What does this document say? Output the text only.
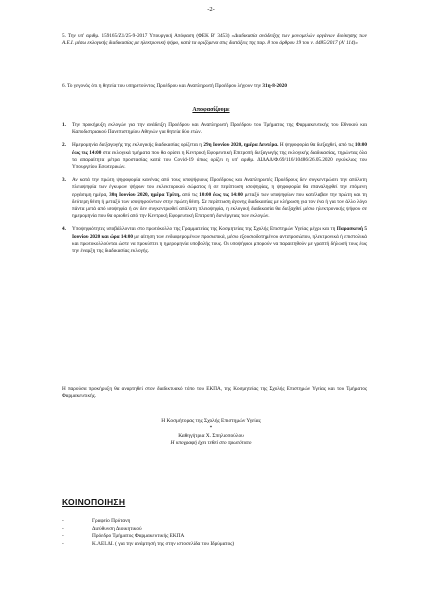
-2-
5. Την υπ' αριθμ. 159165/Ζ1/25-9-2017 Υπουργική Απόφαση (ΦΕΚ Β' 3453) «Διαδικασία ανάδειξης των μονομελών οργάνων διοίκησης των Α.Ε.Ι. μέσω εκλογικής διαδικασίας με ηλεκτρονική ψήφο, κατά τα οριζόμενα στις διατάξεις της παρ. 8 του άρθρου 19 του ν. 4485/2017 (Α' 114)»
6. Το γεγονός ότι η θητεία του υπηρετούντος Προέδρου και Αναπληρωτή Προέδρου λήγουν την 31η-8-2020
Αποφασίζουμε
1. Την προκήρυξη εκλογών για την ανάδειξη Προέδρου και Αναπληρωτή Προέδρου του Τμήματος της Φαρμακευτικής του Εθνικού και Καποδιστριακού Πανεπιστημίου Αθηνών για θητεία δύο ετών.
2. Ημερομηνία διεξαγωγής της εκλογικής διαδικασίας ορίζεται η 29η Ιουνίου 2020, ημέρα Δευτέρα. Η ψηφοφορία θα διεξαχθεί, από τις 10:00 έως τις 14:00 στα εκλογικά τμήματα που θα ορίσει η Κεντρική Εφορευτική Επιτροπή διεξαγωγής της εκλογικής διαδικασίας, τηρώντας όλα τα απαραίτητα μέτρα προστασίας κατά του Covid-19 όπως ορίζει η υπ' αριθμ. ΔΙΔΑΔ/Φ.69/116/10486/26.05.2020 εγκύκλιος του Υπουργείου Εσωτερικών.
3. Αν κατά την πρώτη ψηφοφορία κανένας από τους υποψήφιους Προέδρους και Αναπληρωτές Προέδρους δεν συγκεντρώσει την απόλυτη πλειοψηφία των έγκυρων ψήφων του εκλεκτορικού σώματος ή σε περίπτωση ισοψηφίας, η ψηφοφορία θα επαναληφθεί την επόμενη εργάσιμη ημέρα, 30η Ιουνίου 2020, ημέρα Τρίτη, από τις 10:00 έως τις 14:00 μεταξύ των υποψηφίων που κατέλαβαν την πρώτη και τη δεύτερη θέση ή μεταξύ των ισοψηφούντων στην πρώτη θέση. Σε περίπτωση άγονης διαδικασίας με κλήρωση για τον ένα ή για τον άλλο λόγο πάντα μετά από ισοψηφία ή αν δεν συγκεντρωθεί απόλυτη πλειοψηφία, η εκλογική διαδικασία θα διεξαχθεί μέσω ηλεκτρονικής ψήφου σε ημερομηνία που θα οριοθεί από την Κεντρική Εφορευτική Επιτροπή διενέργειας των εκλογών.
4. Υποψηφιότητες υποβάλλονται στο πρωτόκολλο της Γραμματείας της Κοσμητείας της Σχολής Επιστημών Υγείας μέχρι και τη Παρασκευή 5 Ιουνίου 2020 και ώρα 14:00 με αίτηση των ενδιαφερομένων προσωπικά, μέσω εξουσιοδοτημένου αντιπροσώπου, ηλεκτρονικά ή επιστολικά και πρωτοκολλούνται ώστε να προκύπτει η ημερομηνία υποβολής τους. Οι υποψήφιοι μπορούν να παραιτηθούν με γραπτή δήλωσή τους έως την έναρξη της διαδικασίας εκλογής.
Η παρούσα προκήρυξη θα αναρτηθεί στον διαδικτυακό τόπο του ΕΚΠΑ, της Κοσμητείας της Σχολής Επιστημών Υγείας και του Τμήματος Φαρμακευτικής.
Η Κοσμήτορας της Σχολής Επιστημών Υγείας
*
Καθηγήτρια Χ. Σπηλιοπούλου
Η υπογραφή έχει τεθεί στο πρωτότυπο
ΚΟΙΝΟΠΟΙΗΣΗ
-	Γραφείο Πρύτανη
-	Διεύθυνση Διοικητικού
-	Πρόεδρο Τμήματος Φαρμακευτικής ΕΚΠΑ
-	Κ.ΛΕΙ.ΔΙ. ( για την ανάρτησή της στην ιστοσελίδα του Ιδρύματος)
